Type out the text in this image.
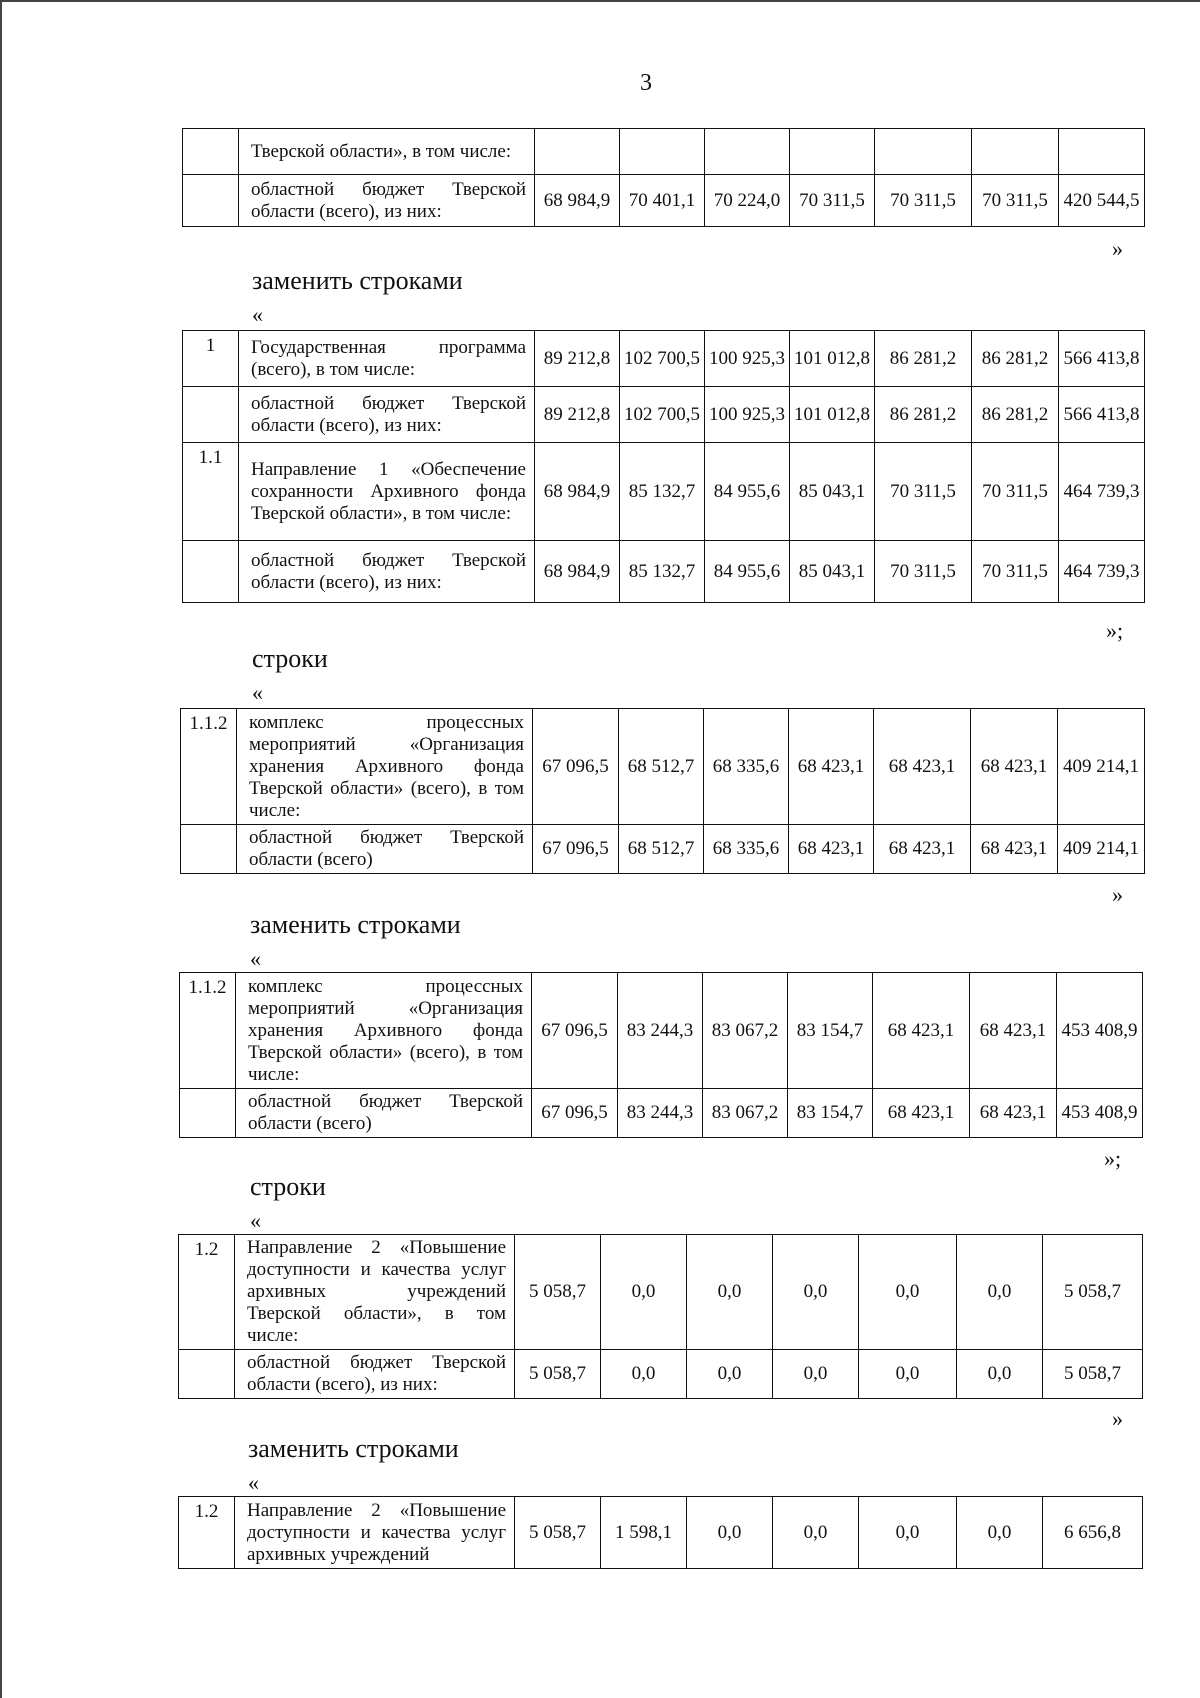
3
	Тверской области», в том числе:							
	областной бюджет Тверской области (всего), из них:	68 984,9	70 401,1	70 224,0	70 311,5	70 311,5	70 311,5	420 544,5
»
заменить строками
«
1	Государственная программа (всего), в том числе:	89 212,8	102 700,5	100 925,3	101 012,8	86 281,2	86 281,2	566 413,8
	областной бюджет Тверской области (всего), из них:	89 212,8	102 700,5	100 925,3	101 012,8	86 281,2	86 281,2	566 413,8
1.1	Направление 1 «Обеспечение сохранности Архивного фонда Тверской области», в том числе:	68 984,9	85 132,7	84 955,6	85 043,1	70 311,5	70 311,5	464 739,3
	областной бюджет Тверской области (всего), из них:	68 984,9	85 132,7	84 955,6	85 043,1	70 311,5	70 311,5	464 739,3
»;
строки
«
1.1.2	комплекс процессных мероприятий «Организация хранения Архивного фонда Тверской области» (всего), в том числе:	67 096,5	68 512,7	68 335,6	68 423,1	68 423,1	68 423,1	409 214,1
	областной бюджет Тверской области (всего)	67 096,5	68 512,7	68 335,6	68 423,1	68 423,1	68 423,1	409 214,1
»
заменить строками
«
1.1.2	комплекс процессных мероприятий «Организация хранения Архивного фонда Тверской области» (всего), в том числе:	67 096,5	83 244,3	83 067,2	83 154,7	68 423,1	68 423,1	453 408,9
	областной бюджет Тверской области (всего)	67 096,5	83 244,3	83 067,2	83 154,7	68 423,1	68 423,1	453 408,9
»;
строки
«
1.2	Направление 2 «Повышение доступности и качества услуг архивных учреждений Тверской области», в том числе:	5 058,7	0,0	0,0	0,0	0,0	0,0	5 058,7
	областной бюджет Тверской области (всего), из них:	5 058,7	0,0	0,0	0,0	0,0	0,0	5 058,7
»
заменить строками
«
1.2	Направление 2 «Повышение доступности и качества услуг архивных учреждений	5 058,7	1 598,1	0,0	0,0	0,0	0,0	6 656,8
